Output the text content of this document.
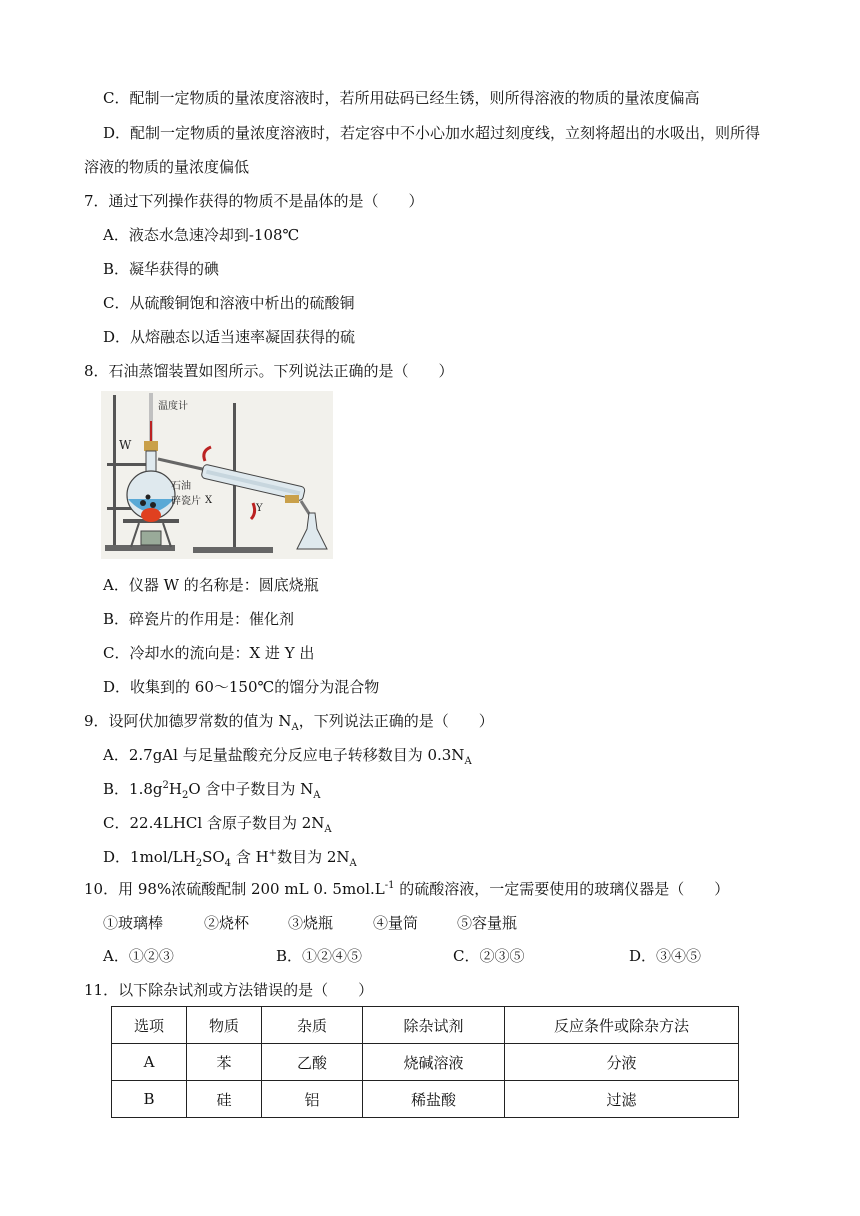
C．配制一定物质的量浓度溶液时，若所用砝码已经生锈，则所得溶液的物质的量浓度偏高
D．配制一定物质的量浓度溶液时，若定容中不小心加水超过刻度线，立刻将超出的水吸出，则所得
溶液的物质的量浓度偏低
7．通过下列操作获得的物质不是晶体的是（　　）
A．液态水急速冷却到-108℃
B．凝华获得的碘
C．从硫酸铜饱和溶液中析出的硫酸铜
D．从熔融态以适当速率凝固获得的硫
8．石油蒸馏装置如图所示。下列说法正确的是（　　）
温度计
W
石油
碎瓷片 X
Y
A．仪器 W 的名称是：圆底烧瓶
B．碎瓷片的作用是：催化剂
C．冷却水的流向是：X 进 Y 出
D．收集到的 60～150℃的馏分为混合物
9．设阿伏加德罗常数的值为 $N_A$，下列说法正确的是（　　）
A．2.7gAl 与足量盐酸充分反应电子转移数目为 $0.3N_A$
B．$1.8g^2H_2O$ 含中子数目为 $N_A$
C．22.4LHCl 含原子数目为 $2N_A$
D．$1mol/LH_2SO_4$ 含 H+数目为 $2N_A$
10．用 98%浓硫酸配制 200 mL 0. $5mol.L^{-1}$ 的硫酸溶液，一定需要使用的玻璃仪器是（　　）
①玻璃棒	②烧杯	③烧瓶	④量筒	⑤容量瓶
A．①②③	B．①②④⑤	C．②③⑤	D．③④⑤
11．以下除杂试剂或方法错误的是（　　）
选项	物质	杂质	除杂试剂	反应条件或除杂方法
A	苯	乙酸	烧碱溶液	分液
B	硅	铝	稀盐酸	过滤
